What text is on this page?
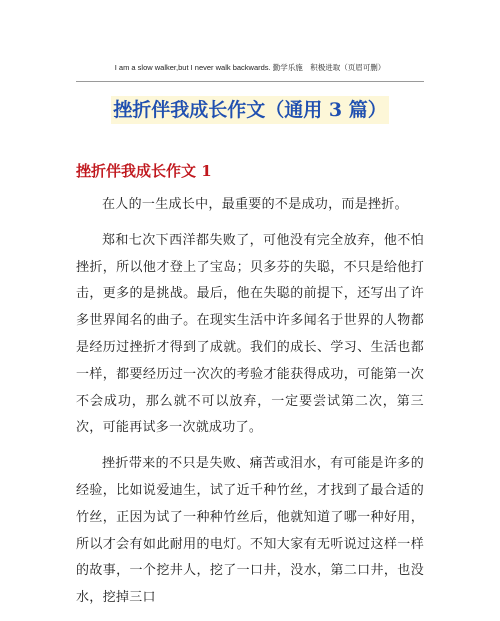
I am a slow walker,but I never walk backwards. 勤学乐施　积极进取（页眉可删）
挫折伴我成长作文（通用 3 篇）
挫折伴我成长作文 1

在人的一生成长中，最重要的不是成功，而是挫折。

郑和七次下西洋都失败了，可他没有完全放弃，他不怕挫折，所以他才登上了宝岛；贝多芬的失聪，不只是给他打击，更多的是挑战。最后，他在失聪的前提下，还写出了许多世界闻名的曲子。在现实生活中许多闻名于世界的人物都是经历过挫折才得到了成就。我们的成长、学习、生活也都一样，都要经历过一次次的考验才能获得成功，可能第一次不会成功，那么就不可以放弃，一定要尝试第二次，第三次，可能再试多一次就成功了。

挫折带来的不只是失败、痛苦或泪水，有可能是许多的经验，比如说爱迪生，试了近千种竹丝，才找到了最合适的竹丝，正因为试了一种种竹丝后，他就知道了哪一种好用，所以才会有如此耐用的电灯。不知大家有无听说过这样一样的故事，一个挖井人，挖了一口井，没水，第二口井，也没水，挖掉三口
